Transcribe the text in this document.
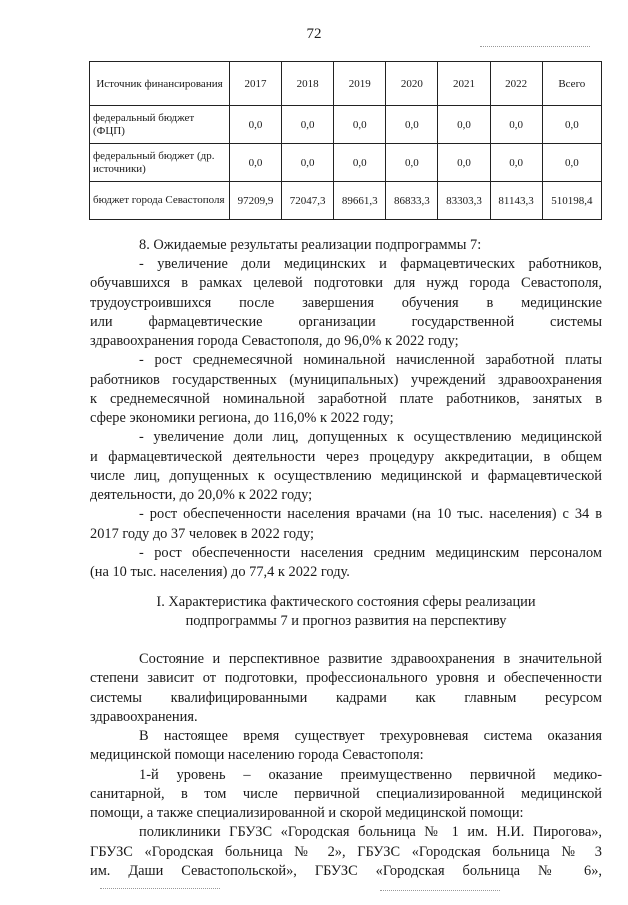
72
Источник финансирования	2017	2018	2019	2020	2021	2022	Всего
федеральный бюджет (ФЦП)	0,0	0,0	0,0	0,0	0,0	0,0	0,0
федеральный бюджет (др. источники)	0,0	0,0	0,0	0,0	0,0	0,0	0,0
бюджет города Севастополя	97209,9	72047,3	89661,3	86833,3	83303,3	81143,3	510198,4

8. Ожидаемые результаты реализации подпрограммы 7:

- увеличение доли медицинских и фармацевтических работников,

обучавшихся в рамках целевой подготовки для нужд города Севастополя,

трудоустроившихся после завершения обучения в медицинские

или фармацевтические организации государственной системы

здравоохранения города Севастополя, до 96,0% к 2022 году;

- рост среднемесячной номинальной начисленной заработной платы

работников государственных (муниципальных) учреждений здравоохранения

к среднемесячной номинальной заработной плате работников, занятых в

сфере экономики региона, до 116,0% к 2022 году;

- увеличение доли лиц, допущенных к осуществлению медицинской

и фармацевтической деятельности через процедуру аккредитации, в общем

числе лиц, допущенных к осуществлению медицинской и фармацевтической

деятельности, до 20,0% к 2022 году;

- рост обеспеченности населения врачами (на 10 тыс. населения) с 34 в

2017 году до 37 человек в 2022 году;

- рост обеспеченности населения средним медицинским персоналом

(на 10 тыс. населения) до 77,4 к 2022 году.

I. Характеристика фактического состояния сферы реализации

подпрограммы 7 и прогноз развития на перспективу

Состояние и перспективное развитие здравоохранения в значительной

степени зависит от подготовки, профессионального уровня и обеспеченности

системы квалифицированными кадрами как главным ресурсом

здравоохранения.

В настоящее время существует трехуровневая система оказания

медицинской помощи населению города Севастополя:

1-й уровень – оказание преимущественно первичной медико-

санитарной, в том числе первичной специализированной медицинской

помощи, а также специализированной и скорой медицинской помощи:

поликлиники ГБУЗС «Городская больница № 1 им. Н.И. Пирогова»,

ГБУЗС «Городская больница № 2», ГБУЗС «Городская больница № 3

им. Даши Севастопольской», ГБУЗС «Городская больница № 6»,
